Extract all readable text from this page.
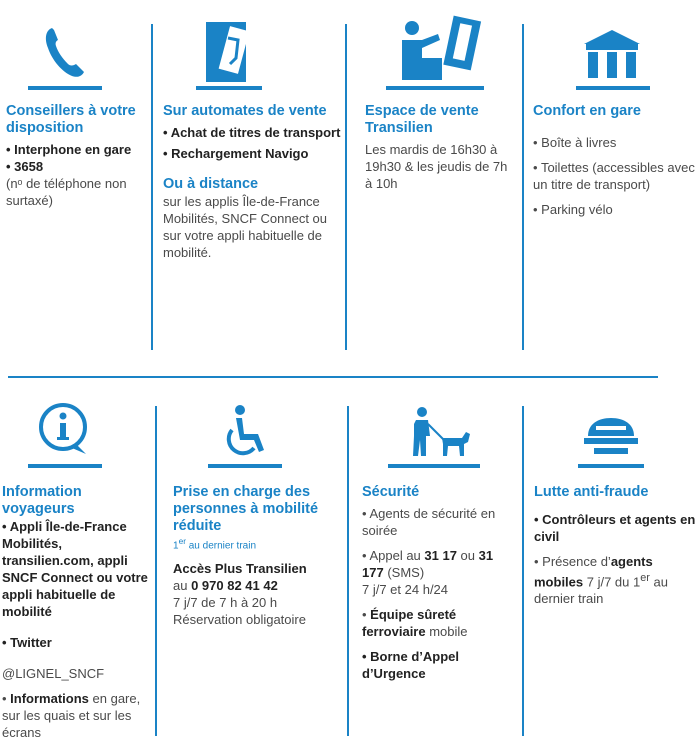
Conseillers à votre disposition
• Interphone en gare
• 3658
(nᵒ de téléphone non surtaxé)
Sur automates de vente
• Achat de titres de transport
• Rechargement Navigo
Ou à distance
sur les applis Île-de-France Mobilités, SNCF Connect ou sur votre appli habituelle de mobilité.
Espace de vente Transilien
Les mardis de 16h30 à 19h30 & les jeudis de 7h à 10h
Confort en gare
• Boîte à livres
• Toilettes (accessibles avec un titre de transport)
• Parking vélo
Information voyageurs
• Appli Île-de-France Mobilités, transilien.com, appli SNCF Connect ou votre appli habituelle de mobilité
• Twitter
@LIGNEL_SNCF
• Informations en gare, sur les quais et sur les écrans
Prise en charge des personnes à mobilité réduite
1er au dernier train
Accès Plus Transilien
au 0 970 82 41 42
7 j/7 de 7 h à 20 h
Réservation obligatoire
Sécurité
• Agents de sécurité en soirée
• Appel au 31 17 ou 31 177 (SMS)
7 j/7 et 24 h/24
• Équipe sûreté ferroviaire mobile
• Borne d’Appel d’Urgence
Lutte anti-fraude
• Contrôleurs et agents en civil
• Présence d’agents mobiles 7 j/7 du 1er au dernier train
